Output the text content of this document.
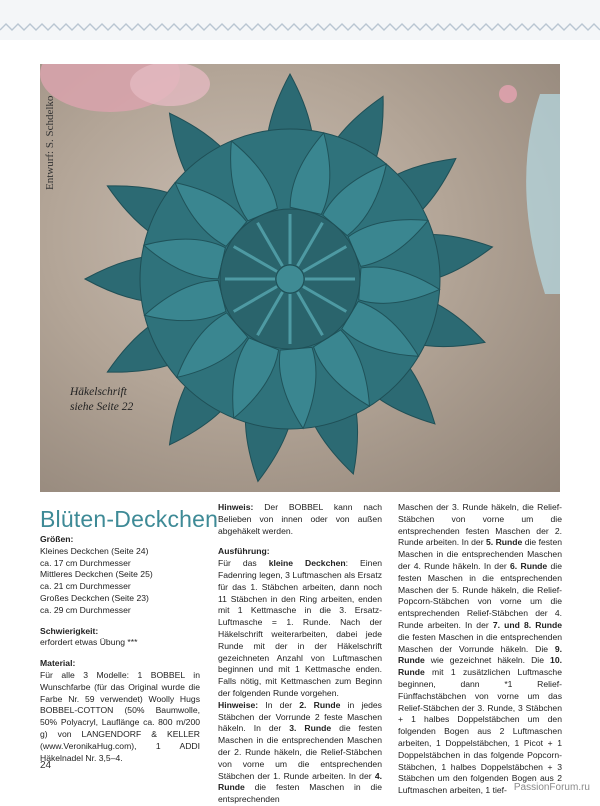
Entwurf: S. Schdelko
Häkelschrift
siehe Seite 22
Blüten-Deckchen

Größen:

Kleines Deckchen (Seite 24)

ca. 17 cm Durchmesser

Mittleres Deckchen (Seite 25)

ca. 21 cm Durchmesser

Großes Deckchen (Seite 23)

ca. 29 cm Durchmesser

Schwierigkeit:

erfordert etwas Übung ***

Material:

Für alle 3 Modelle: 1 BOBBEL in Wunschfarbe (für das Original wurde die Farbe Nr. 59 verwendet) Woolly Hugs BOBBEL-COTTON (50% Baumwolle, 50% Polyacryl, Lauflänge ca. 800 m/200 g) von LANGENDORF & KELLER (www.VeronikaHug.com), 1 ADDI Häkelnadel Nr. 3,5–4.

Hinweis: Der BOBBEL kann nach Belieben von innen oder von außen abgehäkelt werden.

Ausführung:

Für das kleine Deckchen: Einen Fadenring legen, 3 Luftmaschen als Ersatz für das 1. Stäbchen arbeiten, dann noch 11 Stäbchen in den Ring arbeiten, enden mit 1 Kettmasche in die 3. Ersatz-Luftmasche = 1. Runde. Nach der Häkelschrift weiterarbeiten, dabei jede Runde mit der in der Häkelschrift gezeichneten Anzahl von Luftmaschen beginnen und mit 1 Kettmasche enden. Falls nötig, mit Kettmaschen zum Beginn der folgenden Runde vorgehen.

Hinweise: In der 2. Runde in jedes Stäbchen der Vorrunde 2 feste Maschen häkeln. In der 3. Runde die festen Maschen in die entsprechenden Maschen der 2. Runde häkeln, die Relief-Stäbchen von vorne um die entsprechenden Stäbchen der 1. Runde arbeiten. In der 4. Runde die festen Maschen in die entsprechenden

Maschen der 3. Runde häkeln, die Relief-Stäbchen von vorne um die entsprechenden festen Maschen der 2. Runde arbeiten. In der 5. Runde die festen Maschen in die entsprechenden Maschen der 4. Runde häkeln. In der 6. Runde die festen Maschen in die entsprechenden Maschen der 5. Runde häkeln, die Relief-Popcorn-Stäbchen von vorne um die entsprechenden Relief-Stäbchen der 4. Runde arbeiten. In der 7. und 8. Runde die festen Maschen in die entsprechenden Maschen der Vorrunde häkeln. Die 9. Runde wie gezeichnet häkeln. Die 10. Runde mit 1 zusätzlichen Luftmasche beginnen, dann *1 Relief-Fünffachstäbchen von vorne um das Relief-Stäbchen der 3. Runde, 3 Stäbchen + 1 halbes Doppelstäbchen um den folgenden Bogen aus 2 Luftmaschen arbeiten, 1 Doppelstäbchen, 1 Picot + 1 Doppelstäbchen in das folgende Popcorn-Stäbchen, 1 halbes Doppelstäbchen + 3 Stäbchen um den folgenden Bogen aus 2 Luftmaschen arbeiten, 1 tief-

24
PassionForum.ru
